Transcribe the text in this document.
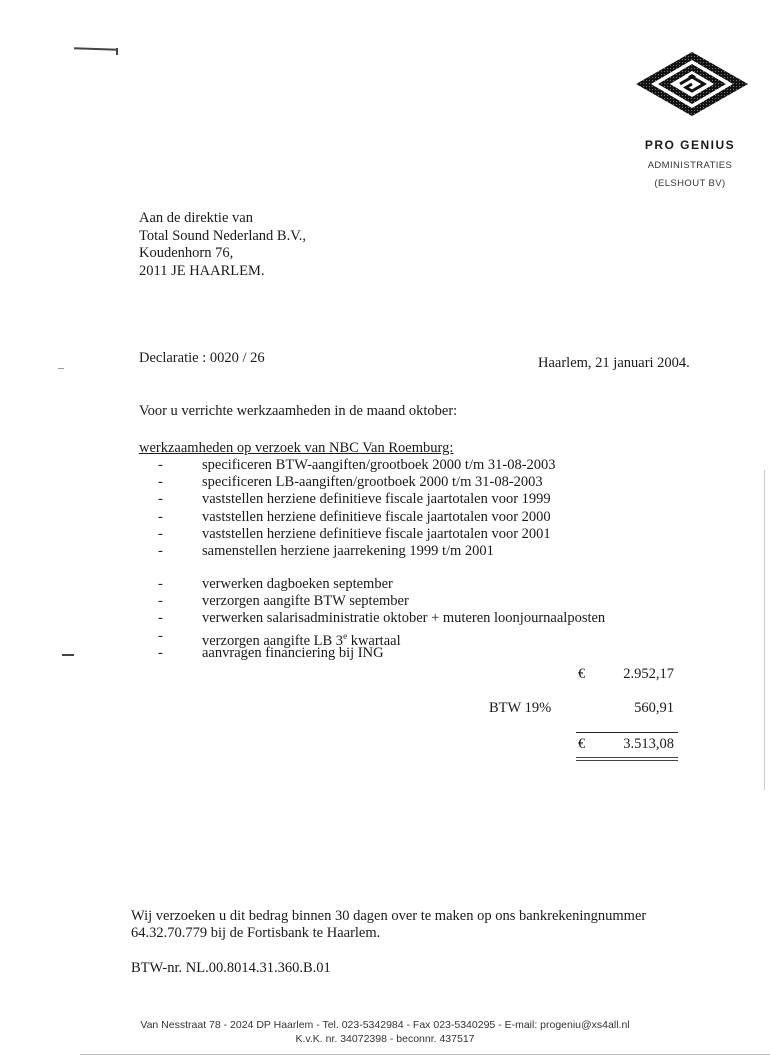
PRO GENIUS
ADMINISTRATIES
(ELSHOUT BV)
Aan de direktie van
Total Sound Nederland B.V.,
Koudenhorn 76,
2011 JE HAARLEM.
Declaratie : 0020 / 26	Haarlem, 21 januari 2004.
Voor u verrichte werkzaamheden in de maand oktober:
werkzaamheden op verzoek van NBC Van Roemburg:
-	specificeren BTW-aangiften/grootboek 2000 t/m 31-08-2003
-	specificeren LB-aangiften/grootboek 2000 t/m 31-08-2003
-	vaststellen herziene definitieve fiscale jaartotalen voor 1999
-	vaststellen herziene definitieve fiscale jaartotalen voor 2000
-	vaststellen herziene definitieve fiscale jaartotalen voor 2001
-	samenstellen herziene jaarrekening 1999 t/m 2001
-	verwerken dagboeken september
-	verzorgen aangifte BTW september
-	verwerken salarisadministratie oktober + muteren loonjournaalposten
-	verzorgen aangifte LB 3e kwartaal
-	aanvragen financiering bij ING
€	2.952,17
BTW 19%	560,91
€	3.513,08
Wij verzoeken u dit bedrag binnen 30 dagen over te maken op ons bankrekeningnummer
64.32.70.779 bij de Fortisbank te Haarlem.
BTW-nr. NL.00.8014.31.360.B.01
Van Nesstraat 78 - 2024 DP Haarlem - Tel. 023-5342984 - Fax 023-5340295 - E-mail: progeniu@xs4all.nl
K.v.K. nr. 34072398 - beconnr. 437517
